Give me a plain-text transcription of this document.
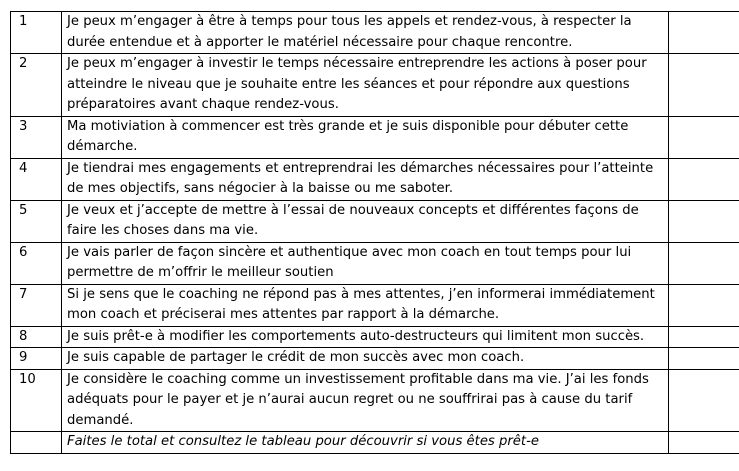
1	Je peux m’engager à être à temps pour tous les appels et rendez-vous, à respecter la durée entendue et à apporter le matériel nécessaire pour chaque rencontre.	
2	Je peux m’engager à investir le temps nécessaire entreprendre les actions à poser pour atteindre le niveau que je souhaite entre les séances et pour répondre aux questions préparatoires avant chaque rendez-vous.	
3	Ma motiviation à commencer est très grande et je suis disponible pour débuter cette démarche.	
4	Je tiendrai mes engagements et entreprendrai les démarches nécessaires pour l’atteinte de mes objectifs, sans négocier à la baisse ou me saboter.	
5	Je veux et j’accepte de mettre à l’essai de nouveaux concepts et différentes façons de faire les choses dans ma vie.	
6	Je vais parler de façon sincère et authentique avec mon coach en tout temps pour lui permettre de m’offrir le meilleur soutien	
7	Si je sens que le coaching ne répond pas à mes attentes, j’en informerai immédiatement mon coach et préciserai mes attentes par rapport à la démarche.	
8	Je suis prêt-e à modifier les comportements auto-destructeurs qui limitent mon succès.	
9	Je suis capable de partager le crédit de mon succès avec mon coach.	
10	Je considère le coaching comme un investissement profitable dans ma vie. J’ai les fonds adéquats pour le payer et je n’aurai aucun regret ou ne souffrirai pas à cause du tarif demandé.	
	Faites le total et consultez le tableau pour découvrir si vous êtes prêt-e	
